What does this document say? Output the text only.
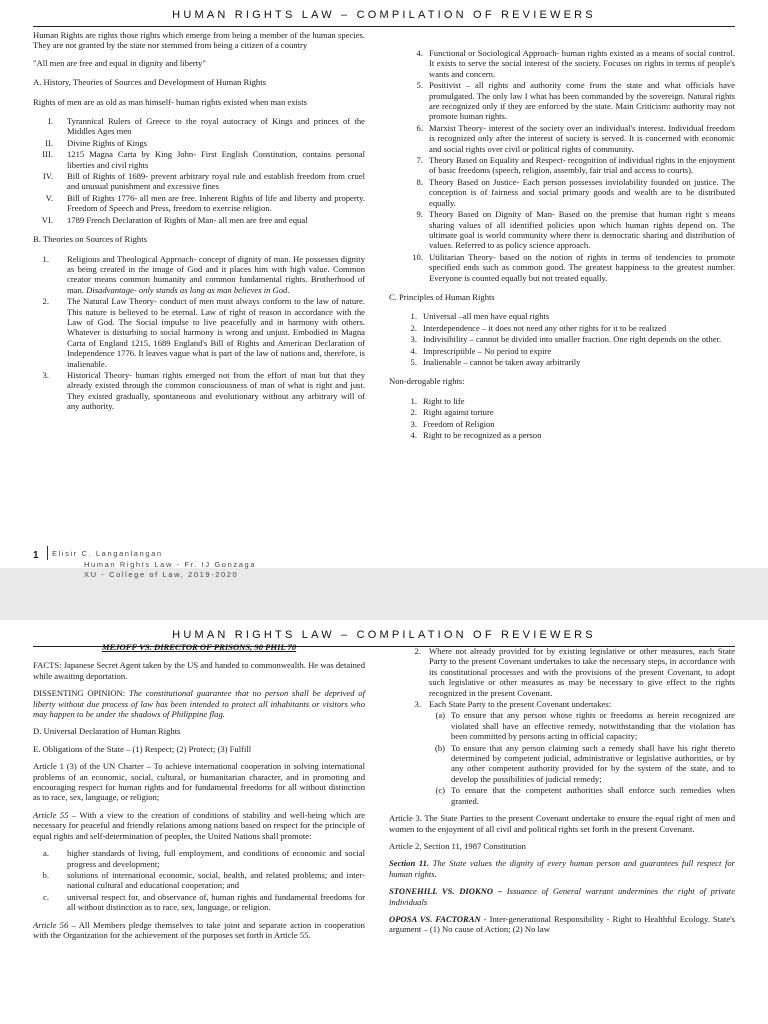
HUMAN RIGHTS LAW – COMPILATION OF REVIEWERS

Human Rights are rights those rights which emerge from being a member of the human species. They are not granted by the state nor stemmed from being a citizen of a country

"All men are free and equal in dignity and liberty"

A. History, Theories of Sources and Development of Human Rights

Rights of men are as old as man himself- human rights existed when man exists

I. Tyrannical Rulers of Greece to the royal autocracy of Kings and princes of the Middles Ages men
II. Divine Rights of Kings
III. 1215 Magna Carta by King John- First English Constitution, contains personal liberties and civil rights
IV. Bill of Rights of 1689- prevent arbitrary royal rule and establish freedom from cruel and unusual punishment and excessive fines
V. Bill of Rights 1776- all men are free. Inherent Rights of life and liberty and property. Freedom of Speech and Press, freedom to exercise religion.
VI. 1789 French Declaration of Rights of Man- all men are free and equal

B. Theories on Sources of Rights

1. Religious and Theological Approach- concept of dignity of man. He possesses dignity as being created in the image of God and it places him with high value. Common creator means common humanity and common fundamental rights. Brotherhood of man. Disadvantage- only stands as long as man believes in God.
2. The Natural Law Theory- conduct of men must always conform to the law of nature. This nature is believed to be eternal. Law of right of reason in accordance with the Law of God. The Social impulse to live peacefully and in harmony with others. Whatever is disturbing to social harmony is wrong and unjust. Embodied in Magna Carta of England 1215, 1689 England's Bill of Rights and American Declaration of Independence 1776. It leaves vague what is part of the law of nations and, therefore, is inalienable.
3. Historical Theory- human rights emerged not from the effort of man but that they already existed through the common consciousness of man of what is right and just. They existed gradually, spontaneous and evolutionary without any arbitrary will of any authority.
4. Functional or Sociological Approach- human rights existed as a means of social control. It exists to serve the social interest of the society. Focuses on rights in terms of people's wants and concern.
5. Positivist – all rights and authority come from the state and what officials have promulgated. The only law I what has been commanded by the sovereign. Natural rights are recognized only if they are enforced by the state. Main Criticism: authority may not promote human rights.
6. Marxist Theory- interest of the society over an individual's interest. Individual freedom is recognized only after the interest of society is served. It is concerned with economic and social rights over civil or political rights of community.
7. Theory Based on Equality and Respect- recognition of individual rights in the enjoyment of basic freedoms (speech, religion, assembly, fair trial and access to courts).
8. Theory Based on Justice- Each person possesses inviolability founded on justice. The conception is of fairness and social primary goods and wealth are to be distributed equally.
9. Theory Based on Dignity of Man- Based on the premise that human right s means sharing values of all identified policies upon which human rights depend on. The ultimate goal is world community where there is democratic sharing and distribution of values. Referred to as policy science approach.
10. Utilitarian Theory- based on the notion of rights in terms of tendencies to promote specified ends such as common good. The greatest happiness to the greatest number. Everyone is counted equally but not treated equally.

C. Principles of Human Rights

1. Universal –all men have equal rights
2. Interdependence – it does not need any other rights for it to be realized
3. Indivisibility – cannot be divided into smaller fraction. One right depends on the other.
4. Imprescriptible – No period to expire
5. Inalienable – cannot be taken away arbitrarily

Non-derogable rights:

1. Right to life
2. Right against torture
3. Freedom of Religion
4. Right to be recognized as a person
1 Elisir C. Langanlangan
Human Rights Law - Fr. IJ Gonzaga
XU - College of Law, 2019-2020
HUMAN RIGHTS LAW – COMPILATION OF REVIEWERS
MEJOFF VS. DIRECTOR OF PRISONS, 90 PHIL 70

FACTS: Japanese Secret Agent taken by the US and handed to commonwealth. He was detained while awaiting deportation.

DISSENTING OPINION: The constitutional guarantee that no person shall be deprived of liberty without due process of law has been intended to protect all inhabitants or visitors who may happen to be under the shadows of Philippine flag.

D. Universal Declaration of Human Rights

E. Obligations of the State – (1) Respect; (2) Protect; (3) Fulfill

Article 1 (3) of the UN Charter – To achieve international cooperation in solving international problems of an economic, social, cultural, or humanitarian character, and in promoting and encouraging respect for human rights and for fundamental freedoms for all without distinction as to race, sex, language, or religion;

Article 55 – With a view to the creation of conditions of stability and well-being which are necessary for peaceful and friendly relations among nations based on respect for the principle of equal rights and self-determination of peoples, the United Nations shall promote:

a. higher standards of living, full employment, and conditions of economic and social progress and development;
b. solutions of international economic, social, health, and related problems; and inter-national cultural and educational cooperation; and
c. universal respect for, and observance of, human rights and fundamental freedoms for all without distinction as to race, sex, language, or religion.

Article 56 – All Members pledge themselves to take joint and separate action in cooperation with the Organization for the achievement of the purposes set forth in Article 55.

2. Where not already provided for by existing legislative or other measures, each State Party to the present Covenant undertakes to take the necessary steps, in accordance with its constitutional processes and with the provisions of the present Covenant, to adopt such legislative or other measures as may be necessary to give effect to the rights recognized in the present Covenant.
3. Each State Party to the present Covenant undertakes:
(a) To ensure that any person whose rights or freedoms as herein recognized are violated shall have an effective remedy, notwithstanding that the violation has been committed by persons acting in official capacity;
(b) To ensure that any person claiming such a remedy shall have his right thereto determined by competent judicial, administrative or legislative authorities, or by any other competent authority provided for by the system of the state, and to develop the possibilities of judicial remedy;
(c) To ensure that the competent authorities shall enforce such remedies when granted.

Article 3. The State Parties to the present Covenant undertake to ensure the equal right of men and women to the enjoyment of all civil and political rights set forth in the present Covenant.

Article 2, Section 11, 1987 Constitution

Section 11. The State values the dignity of every human person and guarantees full respect for human rights.

STONEHILL VS. DIOKNO – Issuance of General warrant undermines the right of private individuals

OPOSA VS. FACTORAN - Inter-generational Responsibility - Right to Healthful Ecology. State's argument – (1) No cause of Action; (2) No law
